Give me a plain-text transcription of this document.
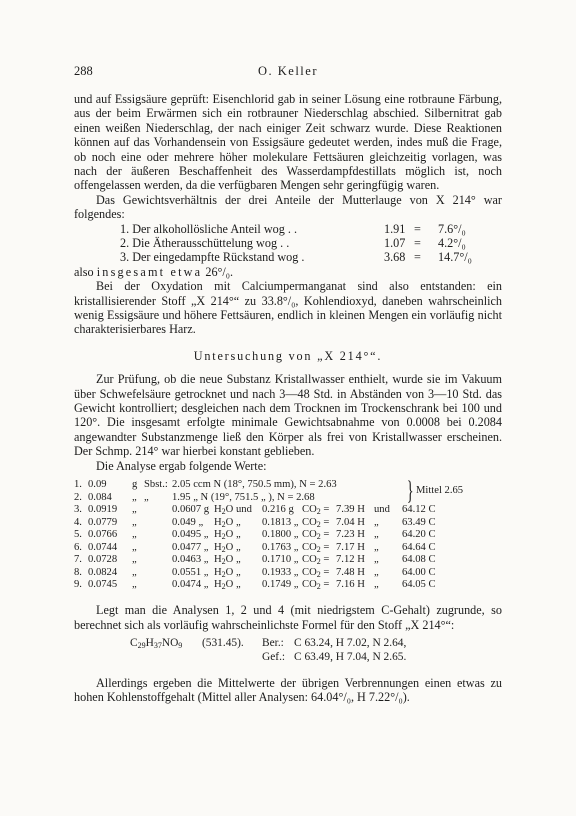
288	O. Keller

und auf Essigsäure geprüft: Eisenchlorid gab in seiner Lösung eine rotbraune Färbung, aus der beim Erwärmen sich ein rotbrauner Niederschlag abschied. Silbernitrat gab einen weißen Niederschlag, der nach einiger Zeit schwarz wurde. Diese Reaktionen können auf das Vorhandensein von Essigsäure gedeutet werden, indes muß die Frage, ob noch eine oder mehrere höher molekulare Fettsäuren gleichzeitig vorlagen, was nach der äußeren Beschaffenheit des Wasserdampfdestillats möglich ist, noch offengelassen werden, da die verfügbaren Mengen sehr geringfügig waren.

Das Gewichtsverhältnis der drei Anteile der Mutterlauge von X 214° war folgendes:

1. Der alkohollösliche Anteil wog . .	1.91 = 7.6°/₀
2. Die Ätherausschüttelung wog . .	1.07 = 4.2°/₀
3. Der eingedampfte Rückstand wog .	3.68 = 14.7°/₀

also insgesamt etwa 26°/₀.

Bei der Oxydation mit Calciumpermanganat sind also entstanden: ein kristallisierender Stoff „X 214°“ zu 33.8°/₀, Kohlendioxyd, daneben wahrscheinlich wenig Essigsäure und höhere Fettsäuren, endlich in kleinen Mengen ein vorläufig nicht charakterisierbares Harz.

Untersuchung von „X 214°“.

Zur Prüfung, ob die neue Substanz Kristallwasser enthielt, wurde sie im Vakuum über Schwefelsäure getrocknet und nach 3—48 Std. in Abständen von 3—10 Std. das Gewicht kontrolliert; desgleichen nach dem Trocknen im Trockenschrank bei 100 und 120°. Die insgesamt erfolgte minimale Gewichtsabnahme von 0.0008 bei 0.2084 angewandter Substanzmenge ließ den Körper als frei von Kristallwasser erscheinen. Der Schmp. 214° war hierbei konstant geblieben.

Die Analyse ergab folgende Werte:

1. 0.09 g Sbst.: 2.05 ccm N (18°, 750.5 mm), N = 2.63
2. 0.084 „ „ 1.95 „ N (19°, 751.5 „ ), N = 2.68	} Mittel 2.65
3. 0.0919 „	0.0607 g $H_2O$ und 0.216 g $CO_2 = 7.39$ H und 64.12 C
4. 0.0779 „	0.049 „ $H_2O$ „ 0.1813 „ $CO_2 = 7.04$ H „ 63.49 C
5. 0.0766 „	0.0495 „ $H_2O$ „ 0.1800 „ $CO_2 = 7.23$ H „ 64.20 C
6. 0.0744 „	0.0477 „ $H_2O$ „ 0.1763 „ $CO_2 = 7.17$ H „ 64.64 C
7. 0.0728 „	0.0463 „ $H_2O$ „ 0.1710 „ $CO_2 = 7.12$ H „ 64.08 C
8. 0.0824 „	0.0551 „ $H_2O$ „ 0.1933 „ $CO_2 = 7.48$ H „ 64.00 C
9. 0.0745 „	0.0474 „ $H_2O$ „ 0.1749 „ $CO_2 = 7.16$ H „ 64.05 C

Legt man die Analysen 1, 2 und 4 (mit niedrigstem C-Gehalt) zugrunde, so berechnet sich als vorläufig wahrscheinlichste Formel für den Stoff „X 214°“:

$C_{29}H_{37}NO_9$ (531.45). Ber.: C 63.24, H 7.02, N 2.64,
Gef.: C 63.49, H 7.04, N 2.65.

Allerdings ergeben die Mittelwerte der übrigen Verbrennungen einen etwas zu hohen Kohlenstoffgehalt (Mittel aller Analysen: 64.04°/₀, H 7.22°/₀).
